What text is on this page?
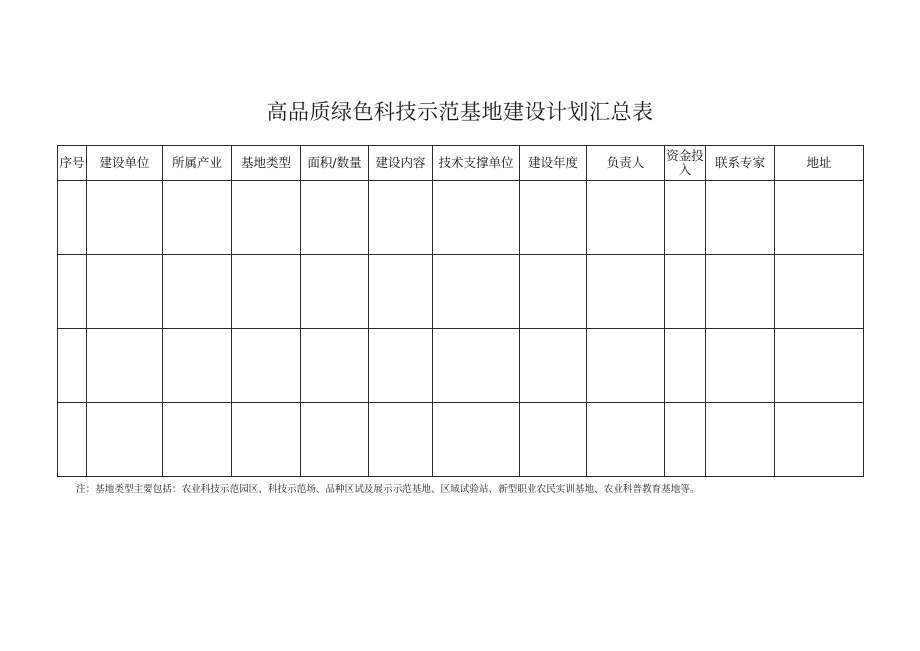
高品质绿色科技示范基地建设计划汇总表
序号	建设单位	所属产业	基地类型	面积/数量	建设内容	技术支撑单位	建设年度	负责人	资金投入	联系专家	地址

注：基地类型主要包括：农业科技示范园区、科技示范场、品种区试及展示示范基地、区域试验站、新型职业农民实训基地、农业科普教育基地等。
